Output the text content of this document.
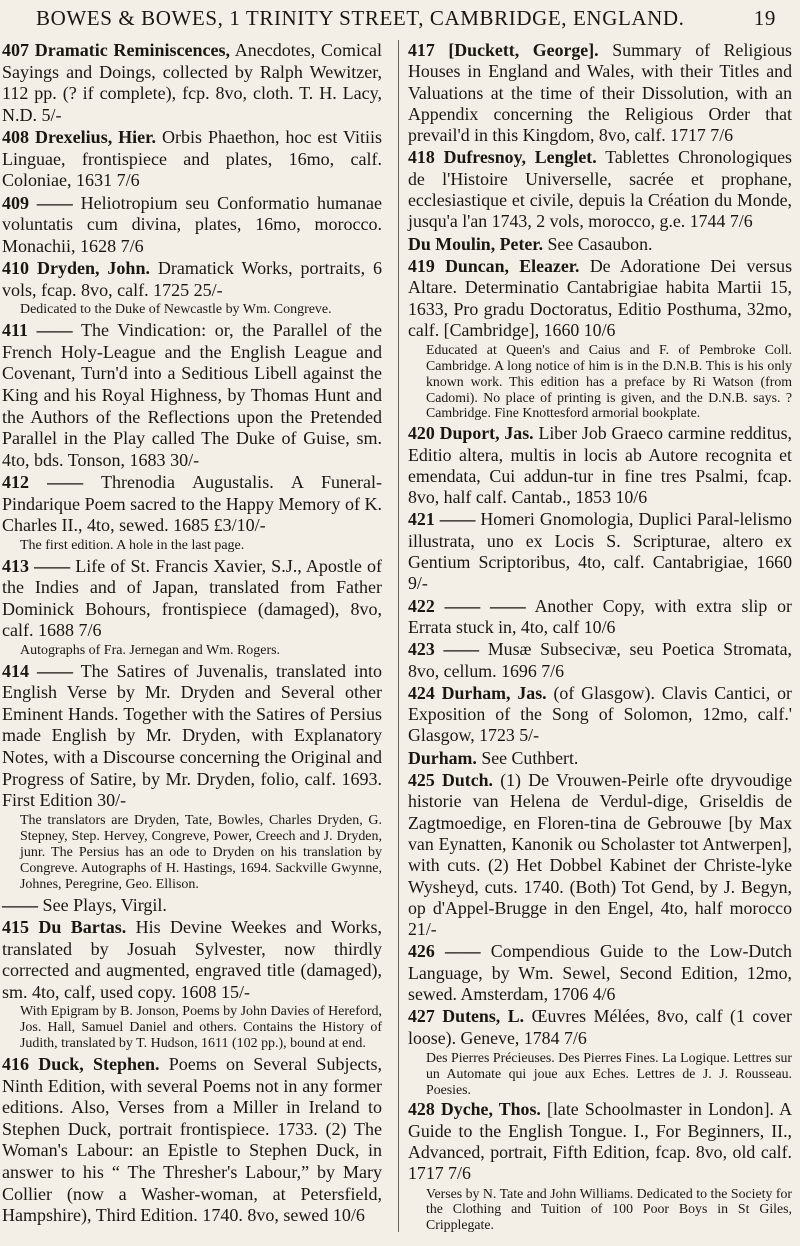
BOWES & BOWES, 1 TRINITY STREET, CAMBRIDGE, ENGLAND.	19
407 Dramatic Reminiscences, Anecdotes, Comical Sayings and Doings, collected by Ralph Wewitzer, 112 pp. (? if complete), fcp. 8vo, cloth. T. H. Lacy, N.D. 5/-
408 Drexelius, Hier. Orbis Phaethon, hoc est Vitiis Linguae, frontispiece and plates, 16mo, calf. Coloniae, 1631 7/6
409 —— Heliotropium seu Conformatio humanae voluntatis cum divina, plates, 16mo, morocco. Monachii, 1628 7/6
410 Dryden, John. Dramatick Works, portraits, 6 vols, fcap. 8vo, calf. 1725 25/-
Dedicated to the Duke of Newcastle by Wm. Congreve.
411 —— The Vindication: or, the Parallel of the French Holy-League and the English League and Covenant, Turn'd into a Seditious Libell against the King and his Royal Highness, by Thomas Hunt and the Authors of the Reflections upon the Pretended Parallel in the Play called The Duke of Guise, sm. 4to, bds. Tonson, 1683 30/-
412 —— Threnodia Augustalis. A Funeral-Pindarique Poem sacred to the Happy Memory of K. Charles II., 4to, sewed. 1685 £3/10/-
The first edition. A hole in the last page.
413 —— Life of St. Francis Xavier, S.J., Apostle of the Indies and of Japan, translated from Father Dominick Bohours, frontispiece (damaged), 8vo, calf. 1688 7/6
Autographs of Fra. Jernegan and Wm. Rogers.
414 —— The Satires of Juvenalis, translated into English Verse by Mr. Dryden and Several other Eminent Hands. Together with the Satires of Persius made English by Mr. Dryden, with Explanatory Notes, with a Discourse concerning the Original and Progress of Satire, by Mr. Dryden, folio, calf. 1693. First Edition 30/-
The translators are Dryden, Tate, Bowles, Charles Dryden, G. Stepney, Step. Hervey, Congreve, Power, Creech and J. Dryden, junr. The Persius has an ode to Dryden on his translation by Congreve. Autographs of H. Hastings, 1694. Sackville Gwynne, Johnes, Peregrine, Geo. Ellison.
—— See Plays, Virgil.
415 Du Bartas. His Devine Weekes and Works, translated by Josuah Sylvester, now thirdly corrected and augmented, engraved title (damaged), sm. 4to, calf, used copy. 1608 15/-
With Epigram by B. Jonson, Poems by John Davies of Hereford, Jos. Hall, Samuel Daniel and others. Contains the History of Judith, translated by T. Hudson, 1611 (102 pp.), bound at end.
416 Duck, Stephen. Poems on Several Subjects, Ninth Edition, with several Poems not in any former editions. Also, Verses from a Miller in Ireland to Stephen Duck, portrait frontispiece. 1733. (2) The Woman's Labour: an Epistle to Stephen Duck, in answer to his “ The Thresher's Labour,” by Mary Collier (now a Washer-woman, at Petersfield, Hampshire), Third Edition. 1740. 8vo, sewed 10/6
417 [Duckett, George]. Summary of Religious Houses in England and Wales, with their Titles and Valuations at the time of their Dissolution, with an Appendix concerning the Religious Order that prevail'd in this Kingdom, 8vo, calf. 1717 7/6
418 Dufresnoy, Lenglet. Tablettes Chronologiques de l'Histoire Universelle, sacrée et prophane, ecclesiastique et civile, depuis la Création du Monde, jusqu'a l'an 1743, 2 vols, morocco, g.e. 1744 7/6
Du Moulin, Peter. See Casaubon.
419 Duncan, Eleazer. De Adoratione Dei versus Altare. Determinatio Cantabrigiae habita Martii 15, 1633, Pro gradu Doctoratus, Editio Posthuma, 32mo, calf. [Cambridge], 1660 10/6
Educated at Queen's and Caius and F. of Pembroke Coll. Cambridge. A long notice of him is in the D.N.B. This is his only known work. This edition has a preface by Ri Watson (from Cadomi). No place of printing is given, and the D.N.B. says. ? Cambridge. Fine Knottesford armorial bookplate.
420 Duport, Jas. Liber Job Graeco carmine redditus, Editio altera, multis in locis ab Autore recognita et emendata, Cui addun-tur in fine tres Psalmi, fcap. 8vo, half calf. Cantab., 1853 10/6
421 —— Homeri Gnomologia, Duplici Paral-lelismo illustrata, uno ex Locis S. Scripturae, altero ex Gentium Scriptoribus, 4to, calf. Cantabrigiae, 1660 9/-
422 —— —— Another Copy, with extra slip or Errata stuck in, 4to, calf 10/6
423 —— Musæ Subsecivæ, seu Poetica Stromata, 8vo, cellum. 1696 7/6
424 Durham, Jas. (of Glasgow). Clavis Cantici, or Exposition of the Song of Solomon, 12mo, calf.' Glasgow, 1723 5/-
Durham. See Cuthbert.
425 Dutch. (1) De Vrouwen-Peirle ofte dryvoudige historie van Helena de Verdul-dige, Griseldis de Zagtmoedige, en Floren-tina de Gebrouwe [by Max van Eynatten, Kanonik ou Scholaster tot Antwerpen], with cuts. (2) Het Dobbel Kabinet der Christe-lyke Wysheyd, cuts. 1740. (Both) Tot Gend, by J. Begyn, op d'Appel-Brugge in den Engel, 4to, half morocco 21/-
426 —— Compendious Guide to the Low-Dutch Language, by Wm. Sewel, Second Edition, 12mo, sewed. Amsterdam, 1706 4/6
427 Dutens, L. Œuvres Mélées, 8vo, calf (1 cover loose). Geneve, 1784 7/6
Des Pierres Précieuses. Des Pierres Fines. La Logique. Lettres sur un Automate qui joue aux Eches. Lettres de J. J. Rousseau. Poesies.
428 Dyche, Thos. [late Schoolmaster in London]. A Guide to the English Tongue. I., For Beginners, II., Advanced, portrait, Fifth Edition, fcap. 8vo, old calf. 1717 7/6
Verses by N. Tate and John Williams. Dedicated to the Society for the Clothing and Tuition of 100 Poor Boys in St Giles, Cripplegate.
